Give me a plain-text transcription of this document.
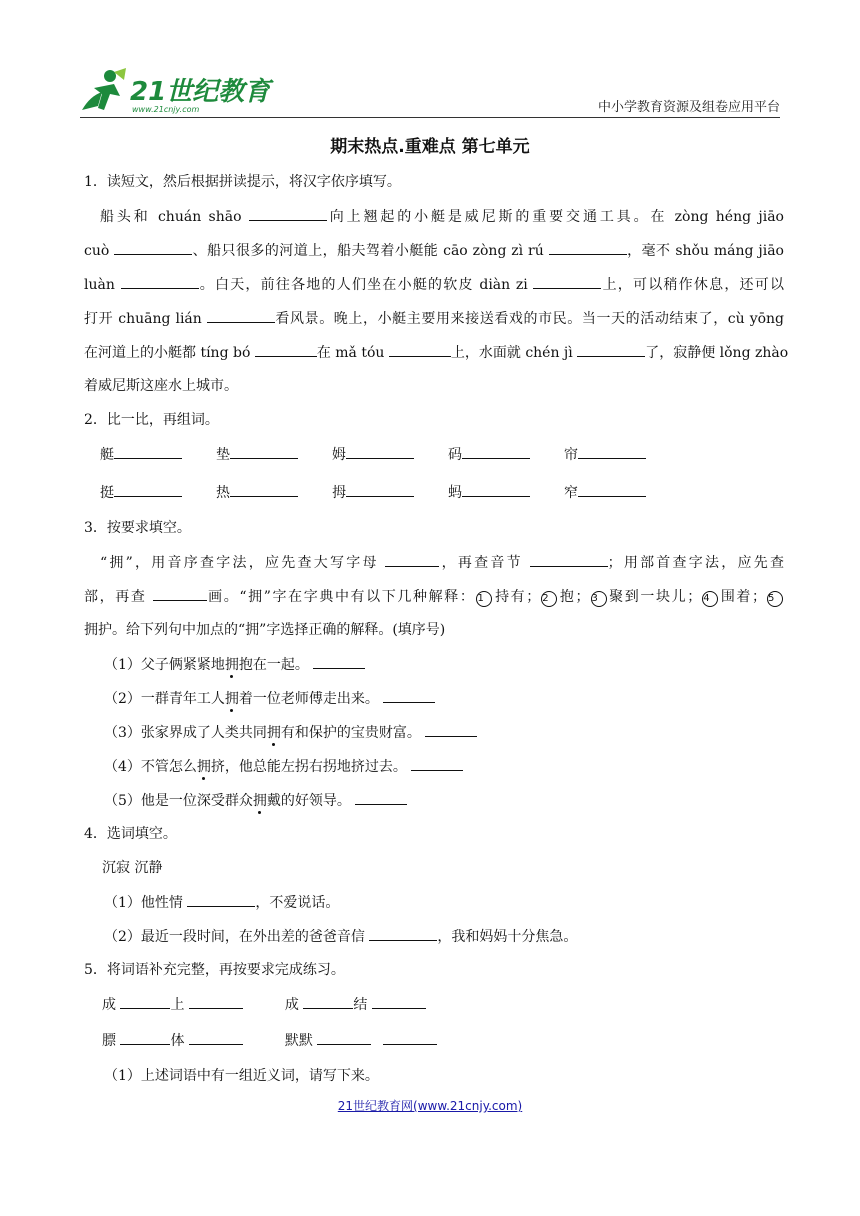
21世纪教育
www.21cnjy.com	中小学教育资源及组卷应用平台
期末热点.重难点 第七单元
1．读短文，然后根据拼读提示，将汉字依序填写。
船头和 chuán shāo	向上翘起的小艇是威尼斯的重要交通工具。在 zòng héng jiāo
cuò	、船只很多的河道上，船夫驾着小艇能 cāo zòng zì rú	，毫不 shǒu máng jiāo
luàn	。白天，前往各地的人们坐在小艇的软皮 diàn zi	上，可以稍作休息，还可以
打开 chuāng lián	看风景。晚上，小艇主要用来接送看戏的市民。当一天的活动结束了，cù yōng
在河道上的小艇都 tíng bó	在 mǎ tóu	上，水面就 chén jì	了，寂静便 lǒng zhào
着威尼斯这座水上城市。
2．比一比，再组词。
艇	垫	姆	码	帘
挺	热	拇	蚂	窄
3．按要求填空。
“拥”，用音序查字法，应先查大写字母	，再查音节	；用部首查字法，应先查
部，再查	画。“拥”字在字典中有以下几种解释： 1 持有； 2 抱； 3 聚到一块儿； 4 围着； 5
拥护。给下列句中加点的“拥”字选择正确的解释。(填序号)
（1）父子俩紧紧地拥抱在一起。
（2）一群青年工人拥着一位老师傅走出来。
（3）张家界成了人类共同拥有和保护的宝贵财富。
（4）不管怎么拥挤，他总能左拐右拐地挤过去。
（5）他是一位深受群众拥戴的好领导。
4．选词填空。
沉寂 沉静
（1）他性情	，不爱说话。
（2）最近一段时间，在外出差的爸爸音信	，我和妈妈十分焦急。
5．将词语补充完整，再按要求完成练习。
成	上	成	结
膘	体	默默
（1）上述词语中有一组近义词，请写下来。
21世纪教育网(www.21cnjy.com)
